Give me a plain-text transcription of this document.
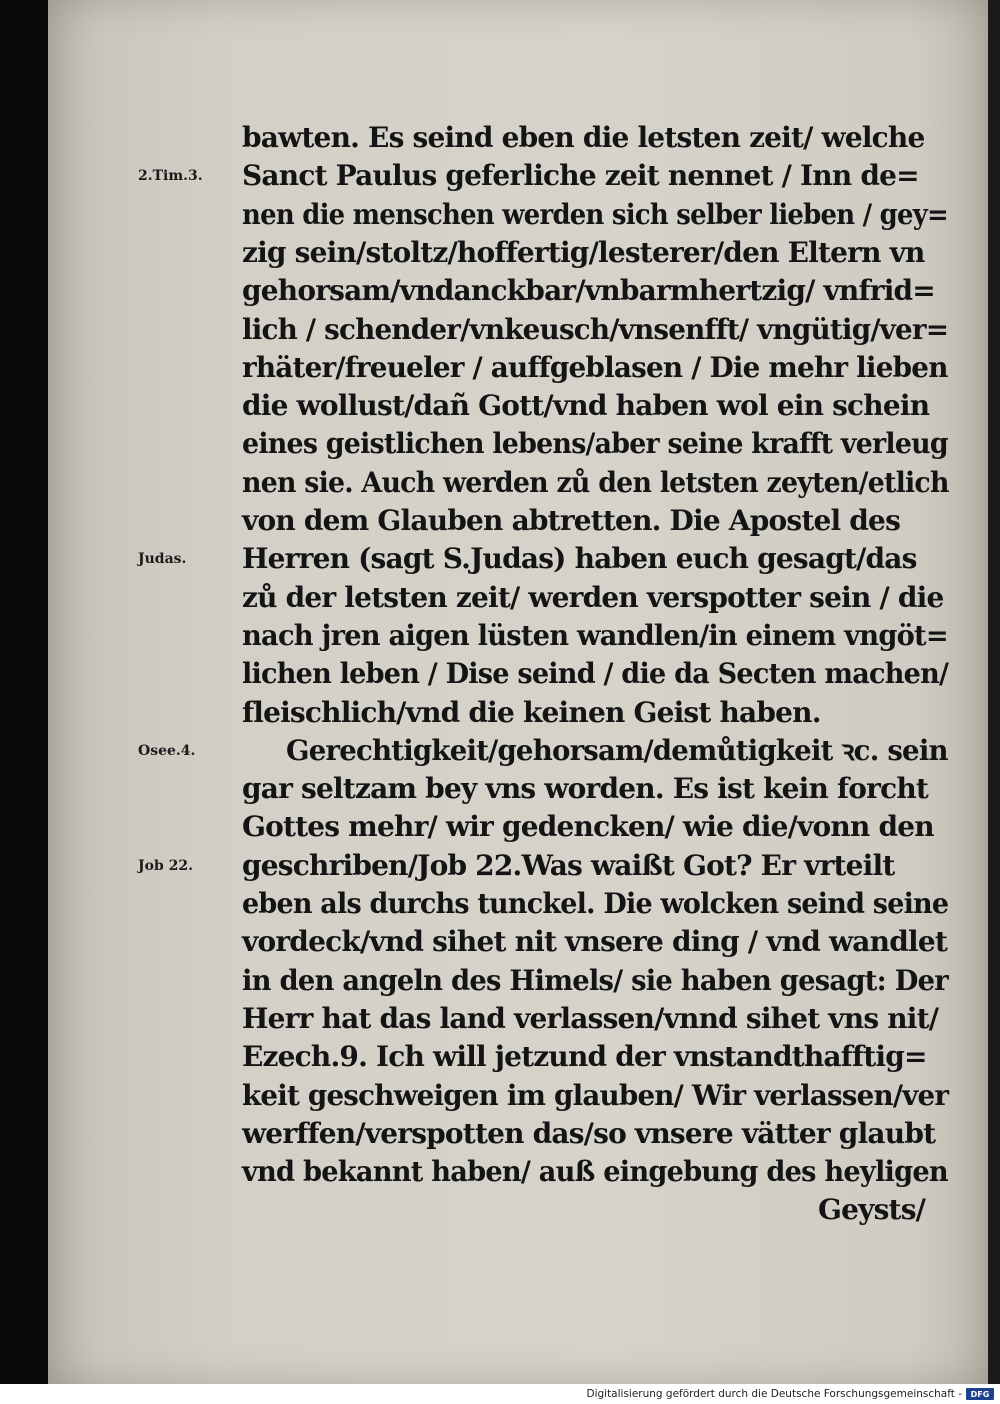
bawten. Es seind eben die letsten zeit/ welche
Sanct Paulus geferliche zeit nennet / Inn de=
nen die menschen werden sich selber lieben / gey=
zig sein/stoltz/hoffertig/lesterer/den Eltern vn
gehorsam/vndanckbar/vnbarmhertzig/ vnfrid=
lich / schender/vnkeusch/vnsenfft/ vngütig/ver=
rhäter/freueler / auffgeblasen / Die mehr lieben
die wollust/dañ Gott/vnd haben wol ein schein
eines geistlichen lebens/aber seine krafft verleug
nen sie. Auch werden zů den letsten zeyten/etlich
von dem Glauben abtretten. Die Apostel des
Herren (sagt S.Judas) haben euch gesagt/das
zů der letsten zeit/ werden verspotter sein / die
nach jren aigen lüsten wandlen/in einem vngöt=
lichen leben / Dise seind / die da Secten machen/
fleischlich/vnd die keinen Geist haben.
Gerechtigkeit/gehorsam/demůtigkeit ꝛc. sein
gar seltzam bey vns worden. Es ist kein forcht
Gottes mehr/ wir gedencken/ wie die/vonn den
geschriben/Job 22.Was waißt Got? Er vrteilt
eben als durchs tunckel. Die wolcken seind seine
vordeck/vnd sihet nit vnsere ding / vnd wandlet
in den angeln des Himels/ sie haben gesagt: Der
Herr hat das land verlassen/vnnd sihet vns nit/
Ezech.9. Ich will jetzund der vnstandthafftig=
keit geschweigen im glauben/ Wir verlassen/ver
werffen/verspotten das/so vnsere vätter glaubt
vnd bekannt haben/ auß eingebung des heyligen
Geysts/
2.Tim.3.
Judas.
Osee.4.
Job 22.
Digitalisierung gefördert durch die Deutsche Forschungsgemeinschaft -	DFG
